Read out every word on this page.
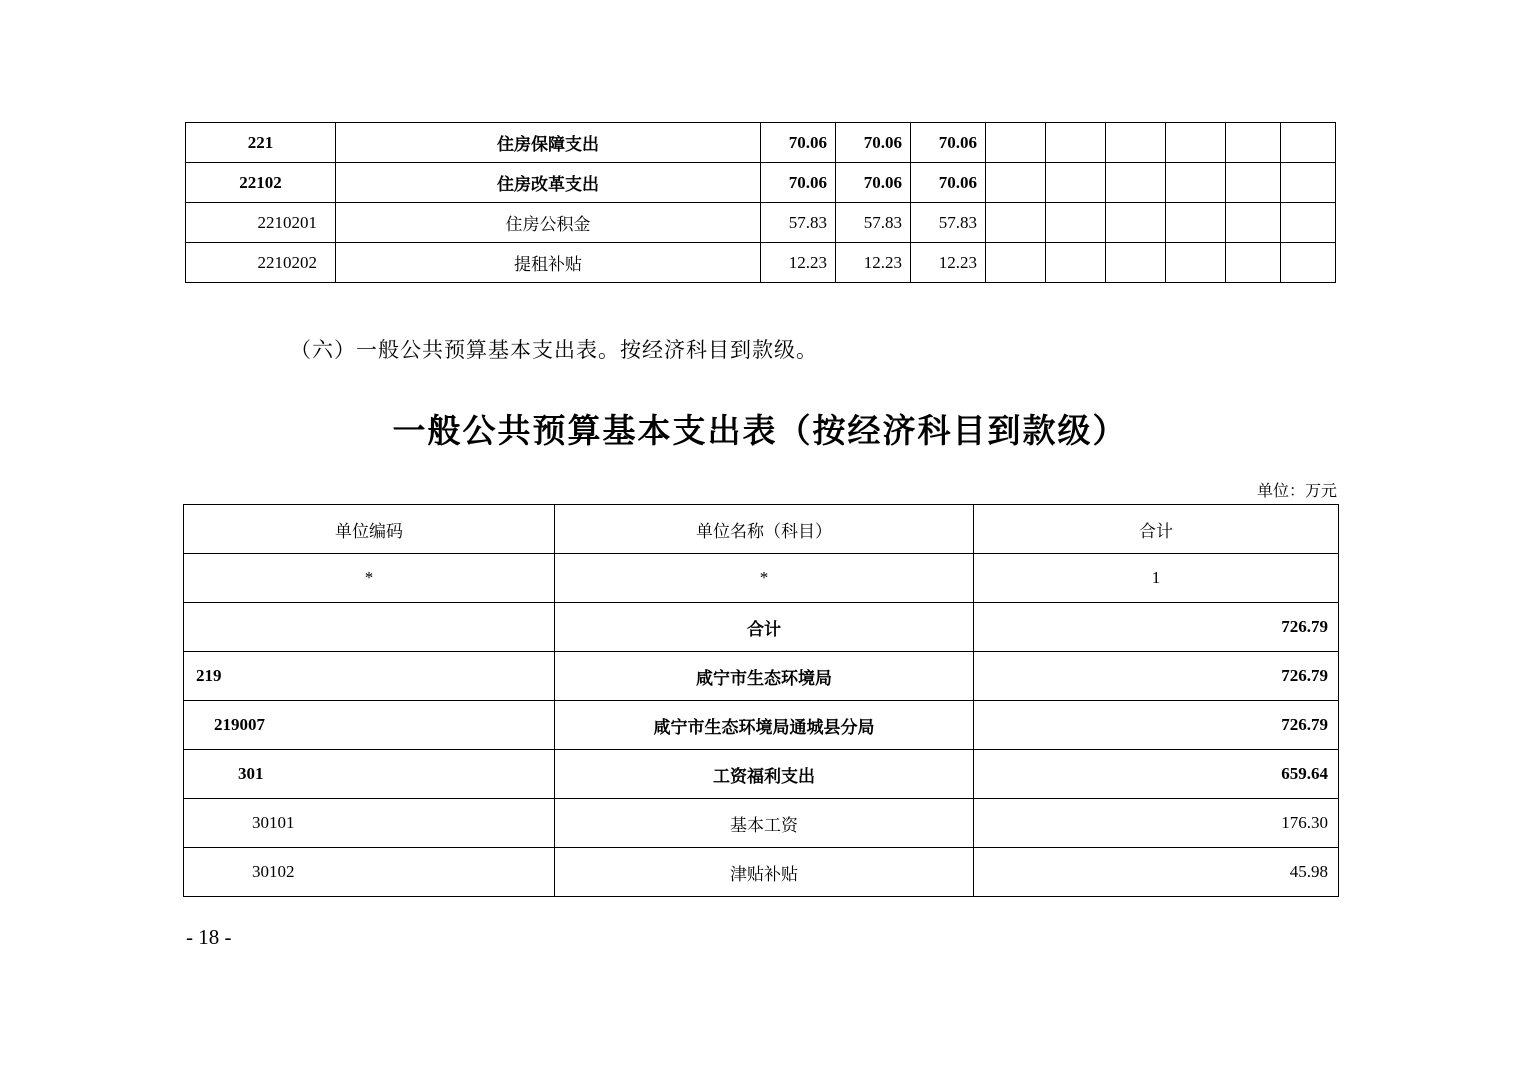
221	住房保障支出	70.06	70.06	70.06						
22102	住房改革支出	70.06	70.06	70.06						
2210201	住房公积金	57.83	57.83	57.83						
2210202	提租补贴	12.23	12.23	12.23						
（六）一般公共预算基本支出表。按经济科目到款级。
一般公共预算基本支出表（按经济科目到款级）
单位：万元
单位编码	单位名称（科目）	合计
*	*	1
	合计	726.79
219	咸宁市生态环境局	726.79
219007	咸宁市生态环境局通城县分局	726.79
301	工资福利支出	659.64
30101	基本工资	176.30
30102	津贴补贴	45.98
- 18 -
